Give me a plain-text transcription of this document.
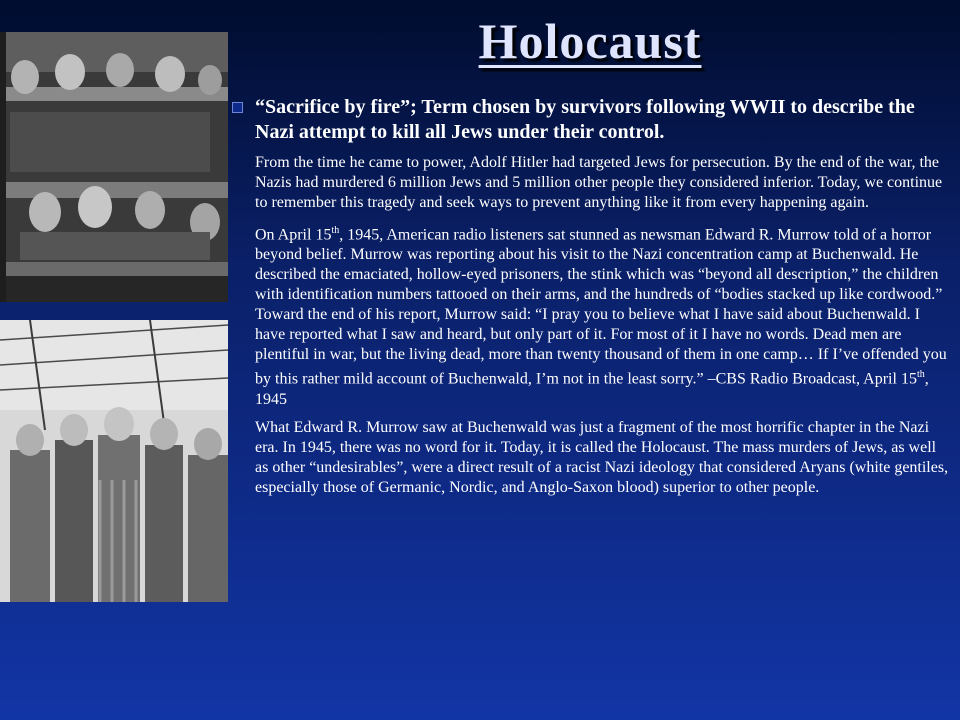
Holocaust

“Sacrifice by fire”; Term chosen by survivors following WWII to describe the Nazi attempt to kill all Jews under their control.

From the time he came to power, Adolf Hitler had targeted Jews for persecution. By the end of the war, the Nazis had murdered 6 million Jews and 5 million other people they considered inferior. Today, we continue to remember this tragedy and seek ways to prevent anything like it from every happening again.

On April 15th, 1945, American radio listeners sat stunned as newsman Edward R. Murrow told of a horror beyond belief. Murrow was reporting about his visit to the Nazi concentration camp at Buchenwald. He described the emaciated, hollow-eyed prisoners, the stink which was “beyond all description,” the children with identification numbers tattooed on their arms, and the hundreds of “bodies stacked up like cordwood.” Toward the end of his report, Murrow said: “I pray you to believe what I have said about Buchenwald. I have reported what I saw and heard, but only part of it. For most of it I have no words. Dead men are plentiful in war, but the living dead, more than twenty thousand of them in one camp… If I’ve offended you by this rather mild account of Buchenwald, I’m not in the least sorry.” –CBS Radio Broadcast, April 15th, 1945

What Edward R. Murrow saw at Buchenwald was just a fragment of the most horrific chapter in the Nazi era. In 1945, there was no word for it. Today, it is called the Holocaust. The mass murders of Jews, as well as other “undesirables”, were a direct result of a racist Nazi ideology that considered Aryans (white gentiles, especially those of Germanic, Nordic, and Anglo-Saxon blood) superior to other people.
